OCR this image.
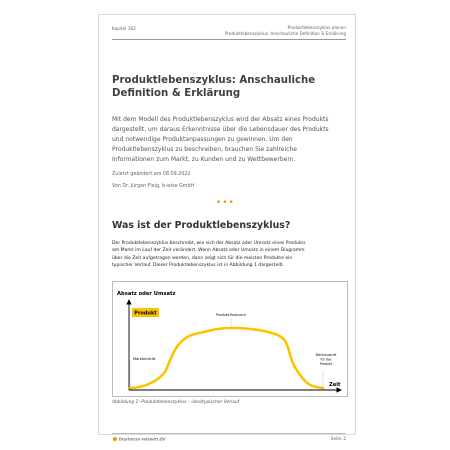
Kapitel 182	Produktlebenszyklus planen
Produktlebenszyklus: Anschauliche Definition & Erklärung
Produktlebenszyklus: Anschauliche
Definition & Erklärung
Mit dem Modell des Produktlebenszyklus wird der Absatz eines Produkts
dargestellt, um daraus Erkenntnisse über die Lebensdauer des Produkts
und notwendige Produktanpassungen zu gewinnen. Um den
Produktlebenszyklus zu beschreiben, brauchen Sie zahlreiche
Informationen zum Markt, zu Kunden und zu Wettbewerbern.
Zuletzt geändert am 08.09.2022
Von Dr. Jürgen Fleig, b-wise GmbH
•••
Was ist der Produktlebenszyklus?
Der Produktlebenszyklus beschreibt, wie sich der Absatz oder Umsatz eines Produkts
am Markt im Lauf der Zeit verändert. Wenn Absatz oder Umsatz in einem Diagramm
über die Zeit aufgetragen werden, dann zeigt sich für die meisten Produkte ein
typischer Verlauf. Dieser Produktlebenszyklus ist in Abbildung 1 dargestellt.
Absatz oder Umsatz
Zeit
Produkt
Markteintritt
Produkt-Relaunch
Marktaustritt
für das
Produkt
Abbildung 1: Produktlebenszyklus – idealtypischer Verlauf
business-wissen.de	Seite 2
